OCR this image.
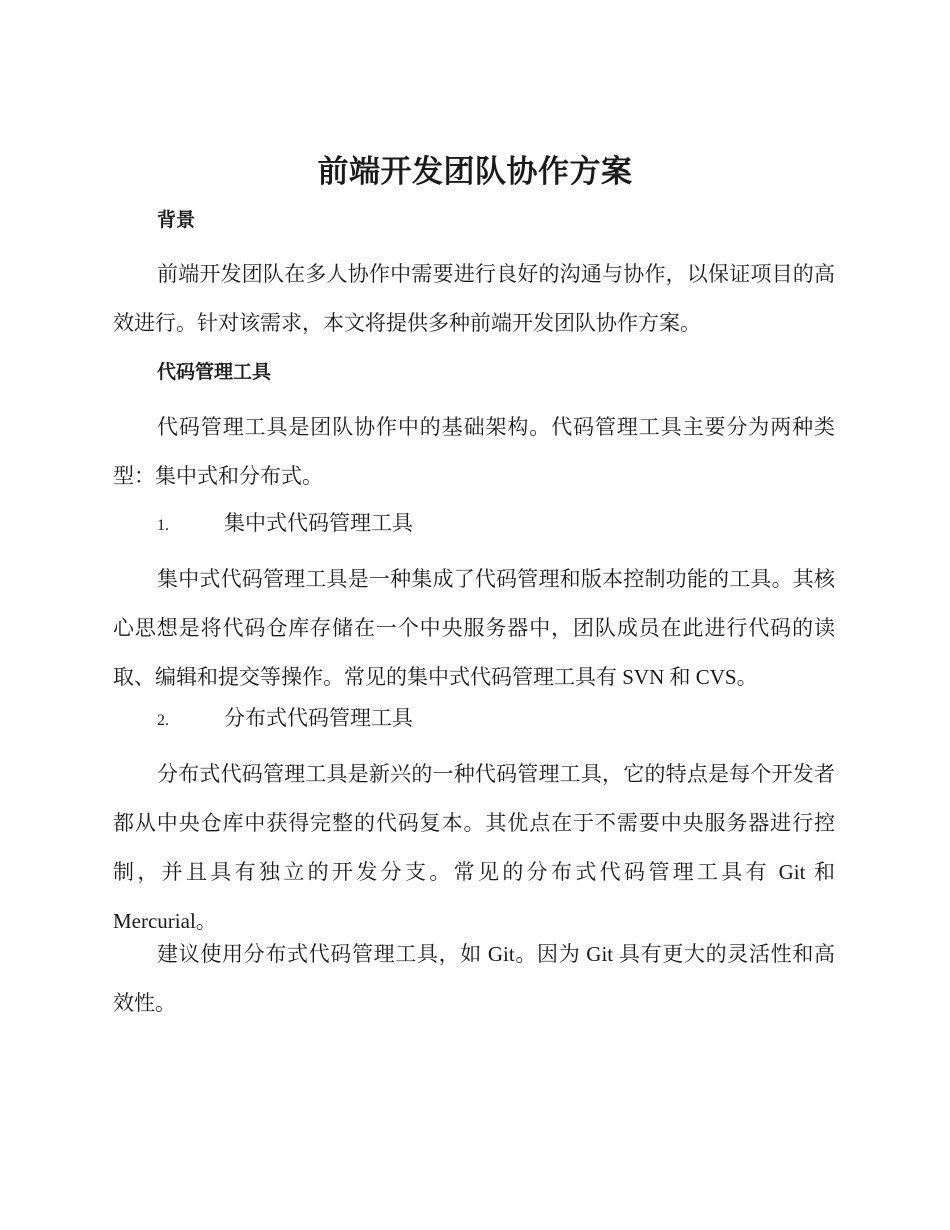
前端开发团队协作方案
背景

前端开发团队在多人协作中需要进行良好的沟通与协作，以保证项目的高效进行。针对该需求，本文将提供多种前端开发团队协作方案。

代码管理工具

代码管理工具是团队协作中的基础架构。代码管理工具主要分为两种类型：集中式和分布式。

1.	集中式代码管理工具

集中式代码管理工具是一种集成了代码管理和版本控制功能的工具。其核心思想是将代码仓库存储在一个中央服务器中，团队成员在此进行代码的读取、编辑和提交等操作。常见的集中式代码管理工具有 SVN 和 CVS。

2.	分布式代码管理工具

分布式代码管理工具是新兴的一种代码管理工具，它的特点是每个开发者都从中央仓库中获得完整的代码复本。其优点在于不需要中央服务器进行控制，并且具有独立的开发分支。常见的分布式代码管理工具有 Git 和 Mercurial。

建议使用分布式代码管理工具，如 Git。因为 Git 具有更大的灵活性和高效性。
